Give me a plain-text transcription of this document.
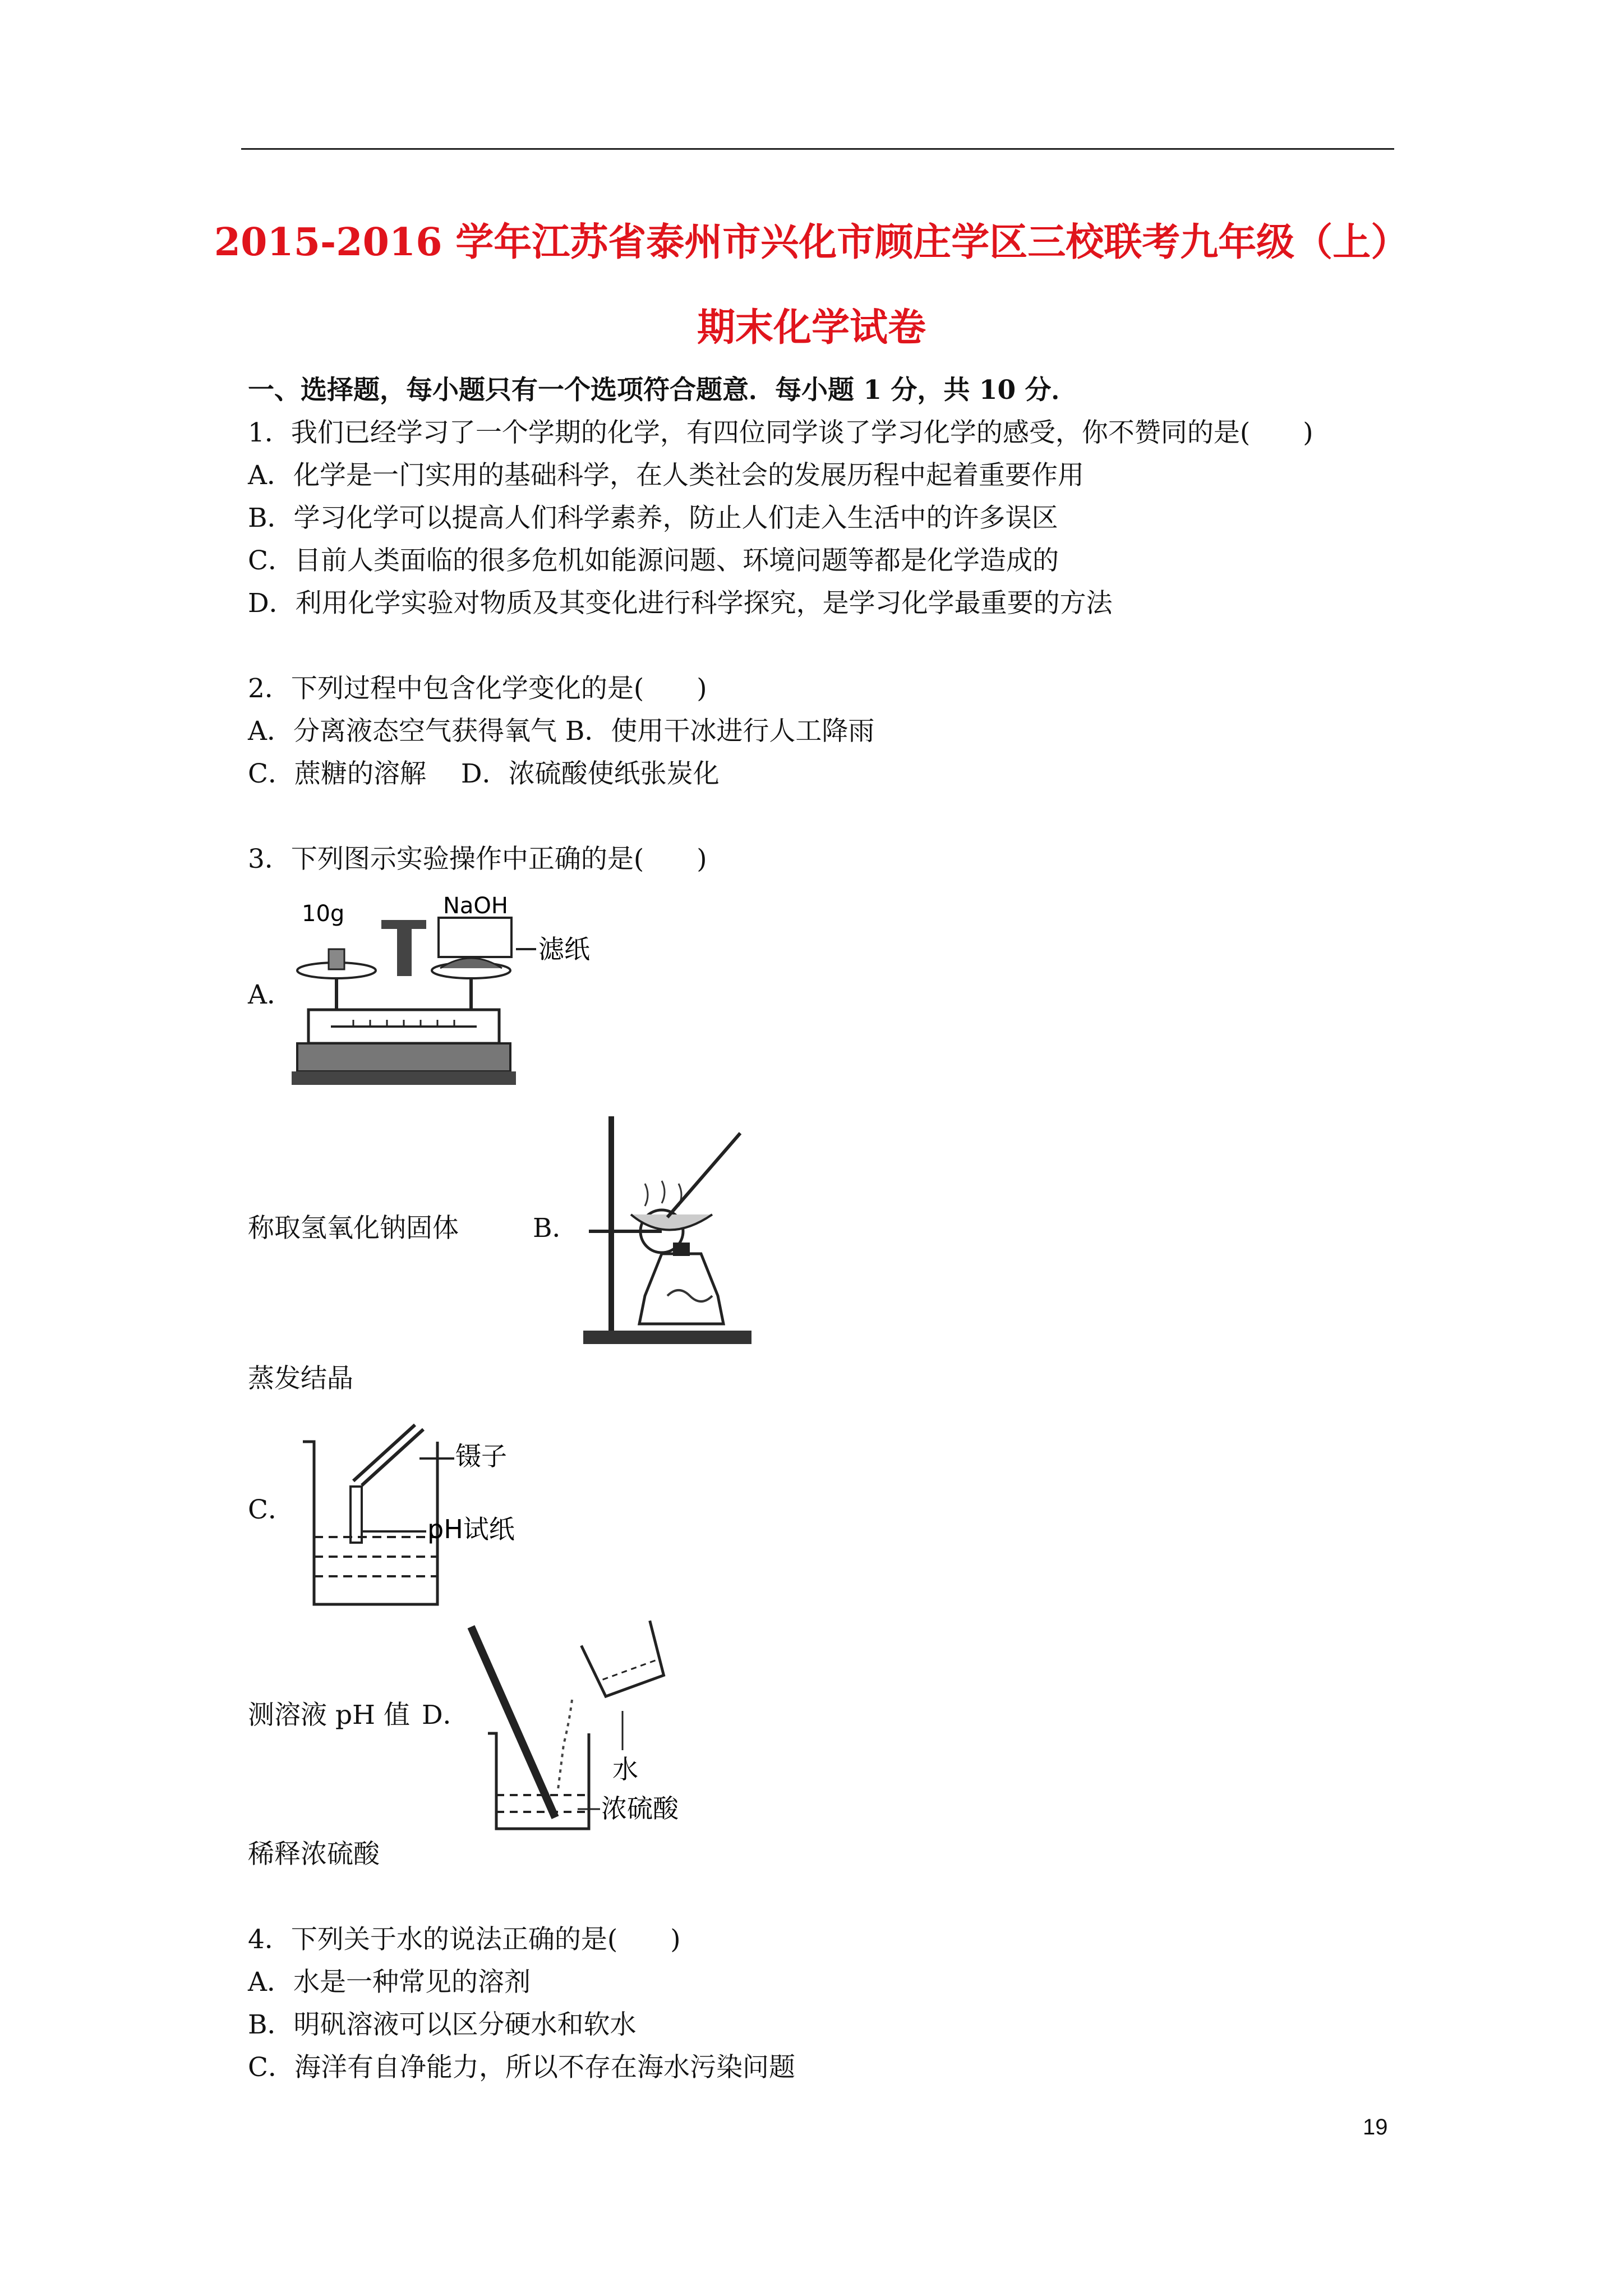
2015-2016 学年江苏省泰州市兴化市顾庄学区三校联考九年级（上）
期末化学试卷
一、选择题，每小题只有一个选项符合题意．每小题 1 分，共 10 分．
1．我们已经学习了一个学期的化学，有四位同学谈了学习化学的感受，你不赞同的是(　　)
A．化学是一门实用的基础科学，在人类社会的发展历程中起着重要作用
B．学习化学可以提高人们科学素养，防止人们走入生活中的许多误区
C．目前人类面临的很多危机如能源问题、环境问题等都是化学造成的
D．利用化学实验对物质及其变化进行科学探究，是学习化学最重要的方法
2．下列过程中包含化学变化的是(　　)
A．分离液态空气获得氧气 B．使用干冰进行人工降雨
C．蔗糖的溶解　 D．浓硫酸使纸张炭化
3．下列图示实验操作中正确的是(　　)
A．
10g	NaOH
滤纸
称取氢氧化钠固体	B．
蒸发结晶
C．
镊子
pH试纸
测溶液 pH 值 D．
水
浓硫酸
稀释浓硫酸
4．下列关于水的说法正确的是(　　)
A．水是一种常见的溶剂
B．明矾溶液可以区分硬水和软水
C．海洋有自净能力，所以不存在海水污染问题
19
